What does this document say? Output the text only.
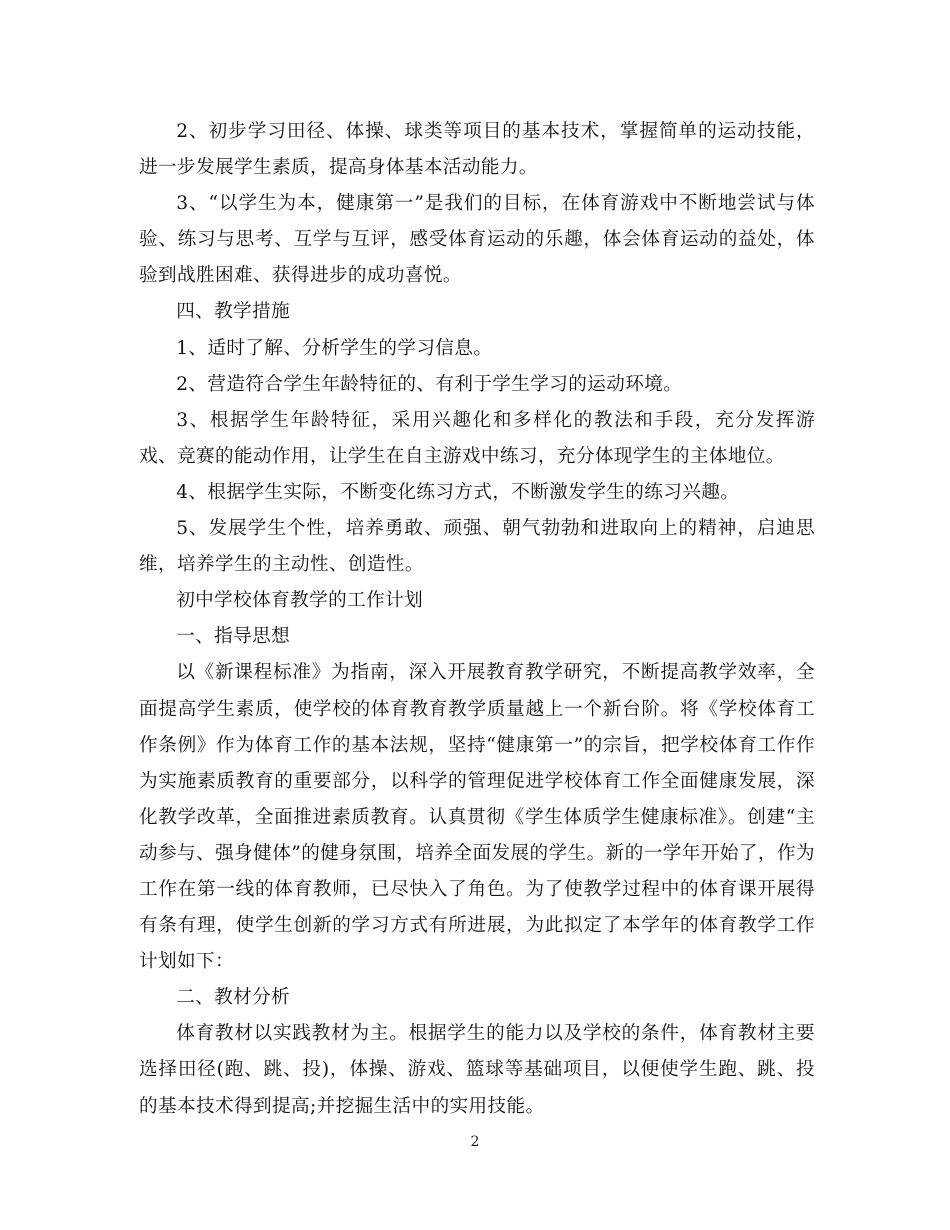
2、初步学习田径、体操、球类等项目的基本技术，掌握简单的运动技能，进一步发展学生素质，提高身体基本活动能力。

3、“以学生为本，健康第一”是我们的目标，在体育游戏中不断地尝试与体验、练习与思考、互学与互评，感受体育运动的乐趣，体会体育运动的益处，体验到战胜困难、获得进步的成功喜悦。

四、教学措施

1、适时了解、分析学生的学习信息。

2、营造符合学生年龄特征的、有利于学生学习的运动环境。

3、根据学生年龄特征，采用兴趣化和多样化的教法和手段，充分发挥游戏、竞赛的能动作用，让学生在自主游戏中练习，充分体现学生的主体地位。

4、根据学生实际，不断变化练习方式，不断激发学生的练习兴趣。

5、发展学生个性，培养勇敢、顽强、朝气勃勃和进取向上的精神，启迪思维，培养学生的主动性、创造性。

初中学校体育教学的工作计划

一、指导思想

以《新课程标准》为指南，深入开展教育教学研究，不断提高教学效率，全面提高学生素质，使学校的体育教育教学质量越上一个新台阶。将《学校体育工作条例》作为体育工作的基本法规，坚持“健康第一”的宗旨，把学校体育工作作为实施素质教育的重要部分，以科学的管理促进学校体育工作全面健康发展，深化教学改革，全面推进素质教育。认真贯彻《学生体质学生健康标准》。创建“主动参与、强身健体”的健身氛围，培养全面发展的学生。新的一学年开始了，作为工作在第一线的体育教师，已尽快入了角色。为了使教学过程中的体育课开展得有条有理，使学生创新的学习方式有所进展，为此拟定了本学年的体育教学工作计划如下：

二、教材分析

体育教材以实践教材为主。根据学生的能力以及学校的条件，体育教材主要选择田径(跑、跳、投)，体操、游戏、篮球等基础项目，以便使学生跑、跳、投的基本技术得到提高;并挖掘生活中的实用技能。

2
